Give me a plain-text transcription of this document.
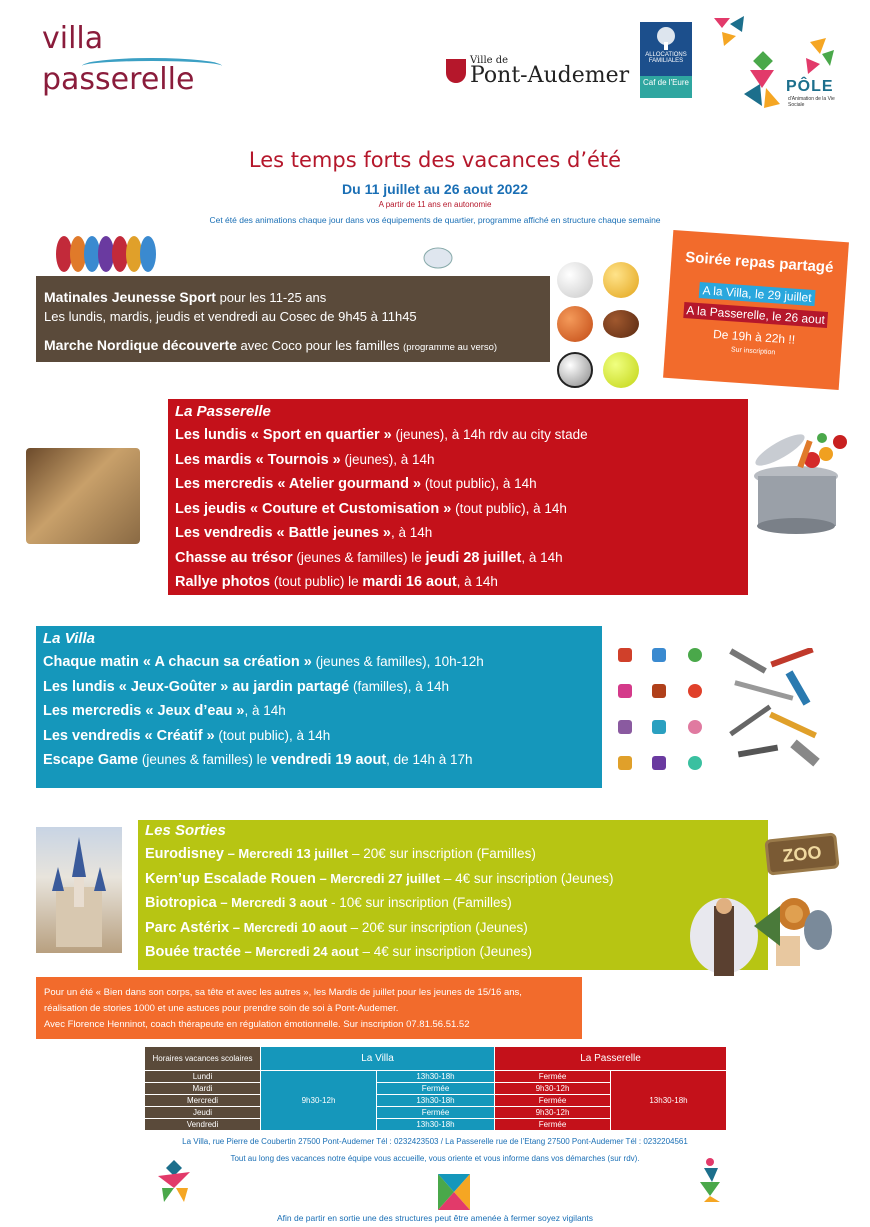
villa
passerelle
Ville de
Pont-Audemer
ALLOCATIONS FAMILIALES
Caf de l'Eure	PÔLE
d'Animation de la Vie Sociale
Les temps forts des vacances d’été
Du 11 juillet au 26 aout 2022
A partir de 11 ans en autonomie
Cet été des animations chaque jour dans vos équipements de quartier, programme affiché en structure chaque semaine
Matinales Jeunesse Sport pour les 11-25 ans
Les lundis, mardis, jeudis et vendredi au Cosec de 9h45 à 11h45
Marche Nordique découverte avec Coco pour les familles (programme au verso)
Soirée repas partagé
A la Villa, le 29 juillet
A la Passerelle, le 26 aout
De 19h à 22h !!
Sur inscription
La Passerelle
Les lundis « Sport en quartier » (jeunes), à 14h rdv au city stade
Les mardis « Tournois » (jeunes), à 14h
Les mercredis « Atelier gourmand » (tout public), à 14h
Les jeudis « Couture et Customisation » (tout public), à 14h
Les vendredis « Battle jeunes », à 14h
Chasse au trésor (jeunes & familles) le jeudi 28 juillet, à 14h
Rallye photos (tout public) le mardi 16 aout, à 14h
La Villa
Chaque matin « A chacun sa création » (jeunes & familles), 10h-12h
Les lundis « Jeux-Goûter » au jardin partagé (familles), à 14h
Les mercredis « Jeux d’eau », à 14h
Les vendredis « Créatif » (tout public), à 14h
Escape Game (jeunes & familles) le vendredi 19 aout, de 14h à 17h
Les Sorties
Eurodisney – Mercredi 13 juillet – 20€ sur inscription (Familles)
Kern’up Escalade Rouen – Mercredi 27 juillet – 4€ sur inscription (Jeunes)
Biotropica – Mercredi 3 aout - 10€ sur inscription (Familles)
Parc Astérix – Mercredi 10 aout – 20€ sur inscription (Jeunes)
Bouée tractée – Mercredi 24 aout – 4€ sur inscription (Jeunes)
ZOO
Pour un été « Bien dans son corps, sa tête et avec les autres », les Mardis de juillet pour les jeunes de 15/16 ans,
réalisation de stories 1000 et une astuces pour prendre soin de soi à Pont-Audemer.
Avec Florence Henninot, coach thérapeute en régulation émotionnelle. Sur inscription 07.81.56.51.52
Horaires vacances scolaires	La Villa		La Passerelle	
Lundi	9h30-12h	13h30-18h	Fermée	13h30-18h
Mardi		Fermée	9h30-12h	
Mercredi		13h30-18h	Fermée	
Jeudi		Fermée	9h30-12h	
Vendredi		13h30-18h	Fermée	
La Villa, rue Pierre de Coubertin 27500 Pont-Audemer Tél : 0232423503 / La Passerelle rue de l’Etang 27500 Pont-Audemer Tél : 0232204561
Tout au long des vacances notre équipe vous accueille, vous oriente et vous informe dans vos démarches (sur rdv).
Afin de partir en sortie une des structures peut être amenée à fermer soyez vigilants
